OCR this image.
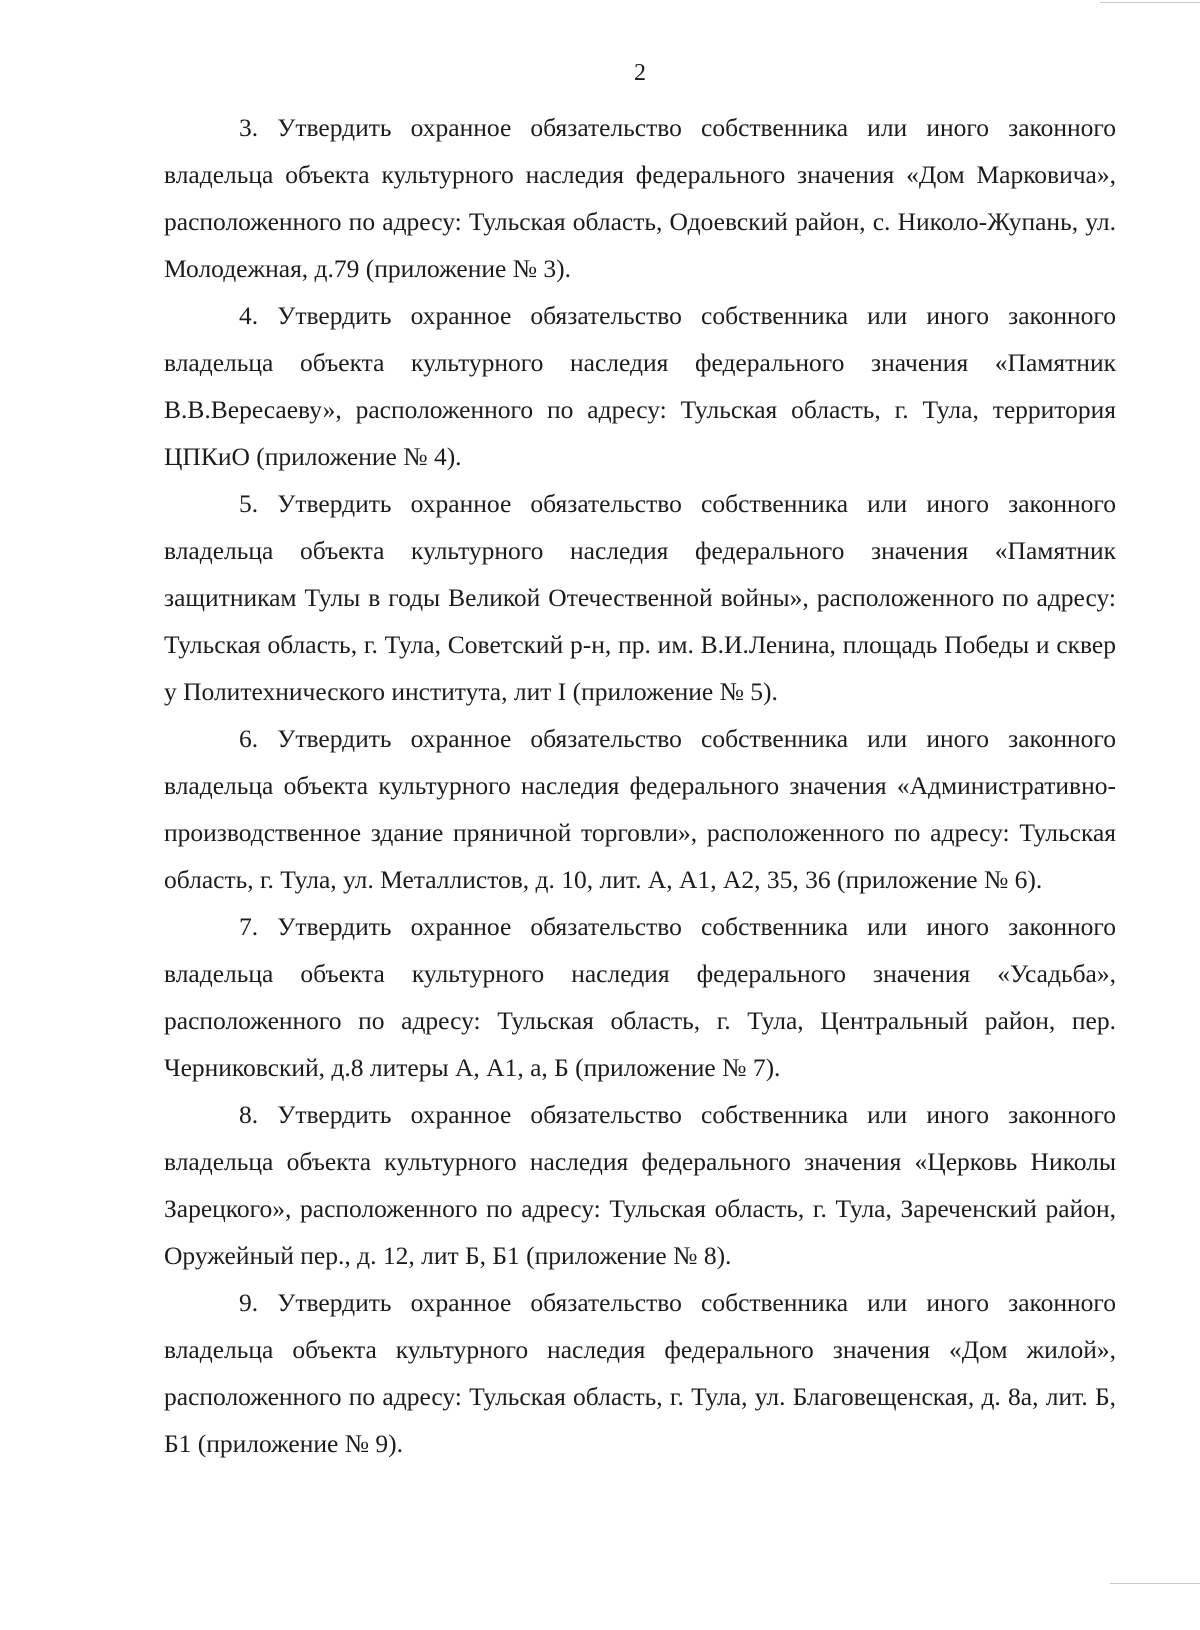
2

3. Утвердить охранное обязательство собственника или иного законного владельца объекта культурного наследия федерального значения «Дом Марковича», расположенного по адресу: Тульская область, Одоевский район, с. Николо-Жупань, ул. Молодежная, д.79 (приложение № 3).

4. Утвердить охранное обязательство собственника или иного законного владельца объекта культурного наследия федерального значения «Памятник В.В.Вересаеву», расположенного по адресу: Тульская область, г. Тула, территория ЦПКиО (приложение № 4).

5. Утвердить охранное обязательство собственника или иного законного владельца объекта культурного наследия федерального значения «Памятник защитникам Тулы в годы Великой Отечественной войны», расположенного по адресу: Тульская область, г. Тула, Советский р-н, пр. им. В.И.Ленина, площадь Победы и сквер у Политехнического института, лит I (приложение № 5).

6. Утвердить охранное обязательство собственника или иного законного владельца объекта культурного наследия федерального значения «Административно-производственное здание пряничной торговли», расположенного по адресу: Тульская область, г. Тула, ул. Металлистов, д. 10, лит. А, А1, А2, 35, 36 (приложение № 6).

7. Утвердить охранное обязательство собственника или иного законного владельца объекта культурного наследия федерального значения «Усадьба», расположенного по адресу: Тульская область, г. Тула, Центральный район, пер. Черниковский, д.8 литеры А, А1, а, Б (приложение № 7).

8. Утвердить охранное обязательство собственника или иного законного владельца объекта культурного наследия федерального значения «Церковь Николы Зарецкого», расположенного по адресу: Тульская область, г. Тула, Зареченский район, Оружейный пер., д. 12, лит Б, Б1 (приложение № 8).

9. Утвердить охранное обязательство собственника или иного законного владельца объекта культурного наследия федерального значения «Дом жилой», расположенного по адресу: Тульская область, г. Тула, ул. Благовещенская, д. 8а, лит. Б, Б1 (приложение № 9).
